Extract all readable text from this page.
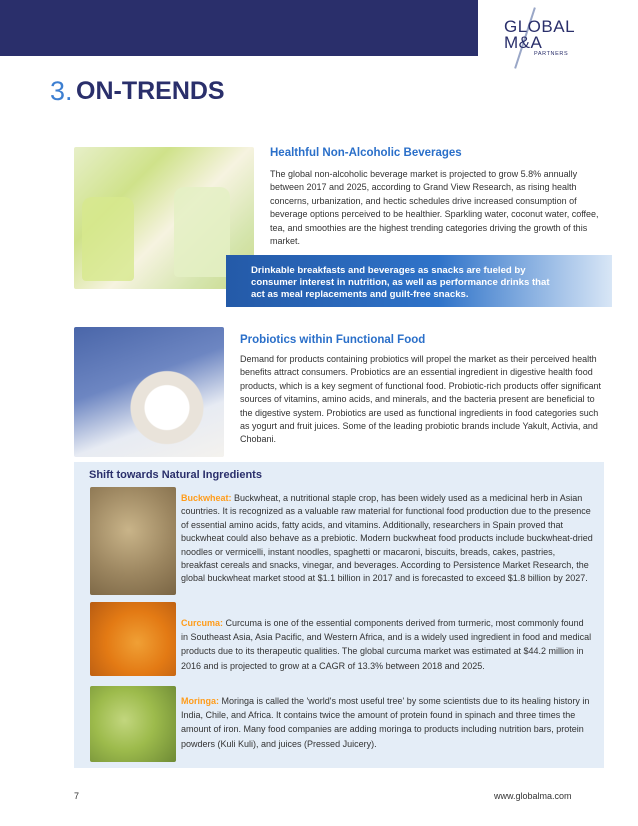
GLOBAL
M&A
PARTNERS
3. ON-TRENDS
Healthful Non-Alcoholic Beverages
The global non-alcoholic beverage market is projected to grow 5.8% annually between 2017 and 2025, according to Grand View Research, as rising health concerns, urbanization, and hectic schedules drive increased consumption of beverage options perceived to be healthier. Sparkling water, coconut water, coffee, tea, and smoothies are the highest trending categories driving the growth of this market.
Drinkable breakfasts and beverages as snacks are fueled by consumer interest in nutrition, as well as performance drinks that act as meal replacements and guilt-free snacks.
Probiotics within Functional Food
Demand for products containing probiotics will propel the market as their perceived health benefits attract consumers. Probiotics are an essential ingredient in digestive health food products, which is a key segment of functional food. Probiotic-rich products offer significant sources of vitamins, amino acids, and minerals, and the bacteria present are beneficial to the digestive system. Probiotics are used as functional ingredients in food categories such as yogurt and fruit juices. Some of the leading probiotic brands include Yakult, Activia, and Chobani.
Shift towards Natural Ingredients
Buckwheat: Buckwheat, a nutritional staple crop, has been widely used as a medicinal herb in Asian countries. It is recognized as a valuable raw material for functional food production due to the presence of essential amino acids, fatty acids, and vitamins. Additionally, researchers in Spain proved that buckwheat could also behave as a prebiotic. Modern buckwheat food products include buckwheat-dried noodles or vermicelli, instant noodles, spaghetti or macaroni, biscuits, breads, cakes, pastries, breakfast cereals and snacks, vinegar, and beverages. According to Persistence Market Research, the global buckwheat market stood at $1.1 billion in 2017 and is forecasted to exceed $1.8 billion by 2027.
Curcuma: Curcuma is one of the essential components derived from turmeric, most commonly found in Southeast Asia, Asia Pacific, and Western Africa, and is a widely used ingredient in food and medical products due to its therapeutic qualities. The global curcuma market was estimated at $44.2 million in 2016 and is projected to grow at a CAGR of 13.3% between 2018 and 2025.
Moringa: Moringa is called the 'world's most useful tree' by some scientists due to its healing history in India, Chile, and Africa. It contains twice the amount of protein found in spinach and three times the amount of iron. Many food companies are adding moringa to products including nutrition bars, protein powders (Kuli Kuli), and juices (Pressed Juicery).
7	www.globalma.com
